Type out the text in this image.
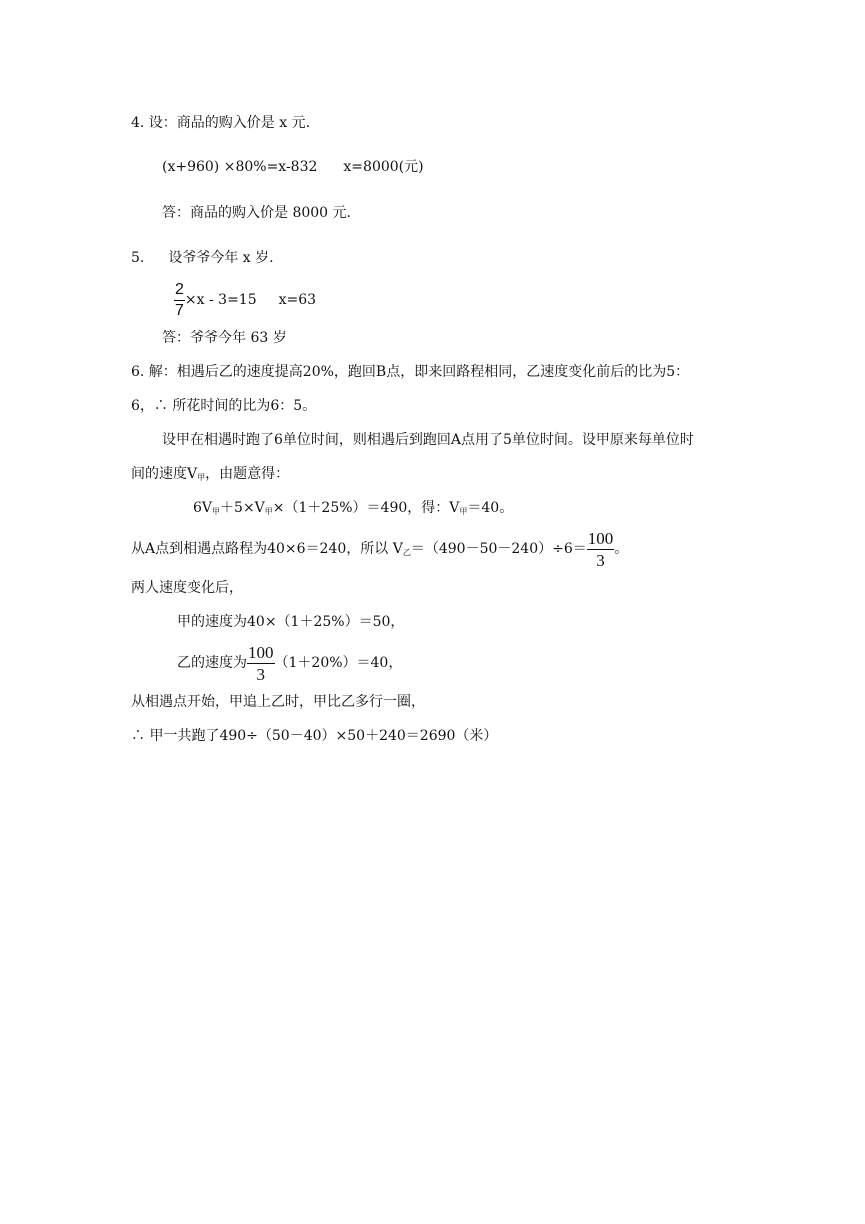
4. 设：商品的购入价是 x 元.
(x+960) ×80%=x-832 x=8000(元)
答：商品的购入价是 8000 元.
5. 设爷爷今年 x 岁.
$\frac{2}{7} \times x - 3=15$ x=63
答：爷爷今年 63 岁
6. 解：相遇后乙的速度提高20%，跑回B点，即来回路程相同，乙速度变化前后的比为5：
6，∴ 所花时间的比为6：5。
设甲在相遇时跑了6单位时间，则相遇后到跑回A点用了5单位时间。设甲原来每单位时
间的速度$V_甲$，由题意得：
$6V_甲+5\times V_甲\times(1+25\%)=490$，得：$V_甲=40$。
从A点到相遇点路程为40×6＝240，所以 $V_乙=(490-50-240)\div 6= \frac{100}{3}$ 。
两人速度变化后，
甲的速度为40×（1＋25%）＝50，
乙的速度为 $\frac{100}{3} (1+20\%)=40$，
从相遇点开始，甲追上乙时，甲比乙多行一圈，
∴ 甲一共跑了490÷（50－40）×50＋240＝2690（米）
